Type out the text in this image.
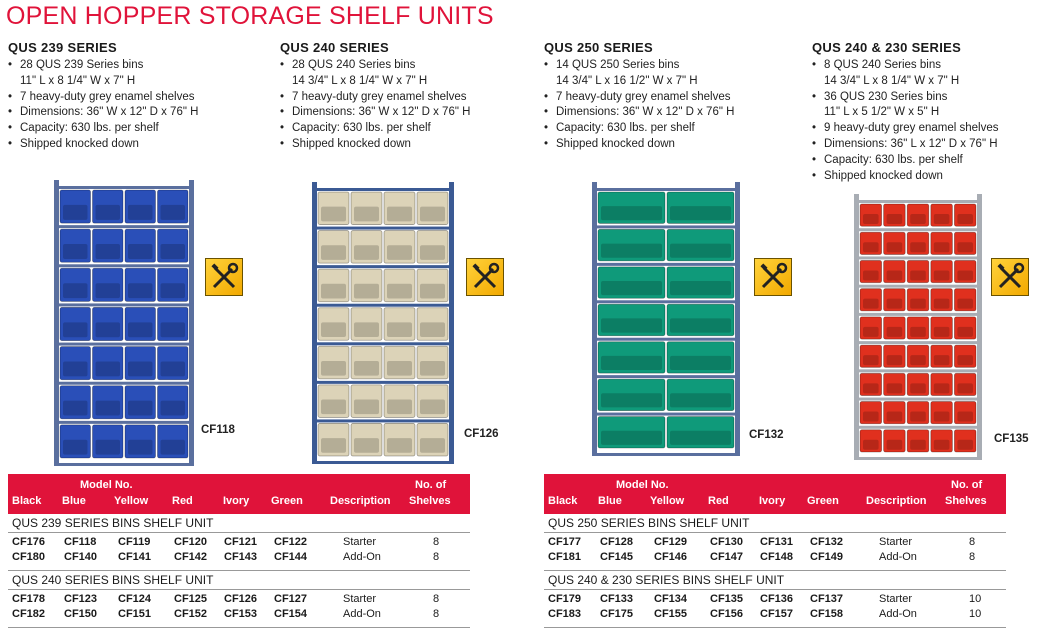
OPEN HOPPER STORAGE SHELF UNITS
QUS 239 SERIES
• 28 QUS 239 Series bins
11" L x 8 1/4" W x 7" H
• 7 heavy-duty grey enamel shelves
• Dimensions: 36" W x 12" D x 76" H
• Capacity: 630 lbs. per shelf
• Shipped knocked down
QUS 240 SERIES
• 28 QUS 240 Series bins
14 3/4" L x 8 1/4" W x 7" H
• 7 heavy-duty grey enamel shelves
• Dimensions: 36" W x 12" D x 76" H
• Capacity: 630 lbs. per shelf
• Shipped knocked down
QUS 250 SERIES
• 14 QUS 250 Series bins
14 3/4" L x 16 1/2" W x 7" H
• 7 heavy-duty grey enamel shelves
• Dimensions: 36" W x 12" D x 76" H
• Capacity: 630 lbs. per shelf
• Shipped knocked down
QUS 240 & 230 SERIES
• 8 QUS 240 Series bins
14 3/4" L x 8 1/4" W x 7" H
• 36 QUS 230 Series bins
11" L x 5 1/2" W x 5" H
• 9 heavy-duty grey enamel shelves
• Dimensions: 36" L x 12" D x 76" H
• Capacity: 630 lbs. per shelf
• Shipped knocked down
CF118	CF126	CF132	CF135
Model No.
Black Blue	Yellow Red	Ivory Green Description
No. of
Shelves
QUS 239 SERIES BINS SHELF UNIT
CF176 CF118 CF119 CF120 CF121 CF122	Starter	8
CF180 CF140 CF141 CF142 CF143 CF144	Add-On	8
QUS 240 SERIES BINS SHELF UNIT
CF178 CF123 CF124 CF125 CF126 CF127	Starter	8
CF182 CF150 CF151 CF152 CF153 CF154	Add-On	8
Model No.
Black Blue	Yellow Red	Ivory Green Description
No. of
Shelves
QUS 250 SERIES BINS SHELF UNIT
CF177 CF128 CF129 CF130 CF131 CF132	Starter	8
CF181 CF145 CF146 CF147 CF148 CF149	Add-On	8
QUS 240 & 230 SERIES BINS SHELF UNIT
CF179 CF133 CF134 CF135 CF136 CF137	Starter	10
CF183 CF175 CF155 CF156 CF157 CF158	Add-On	10
